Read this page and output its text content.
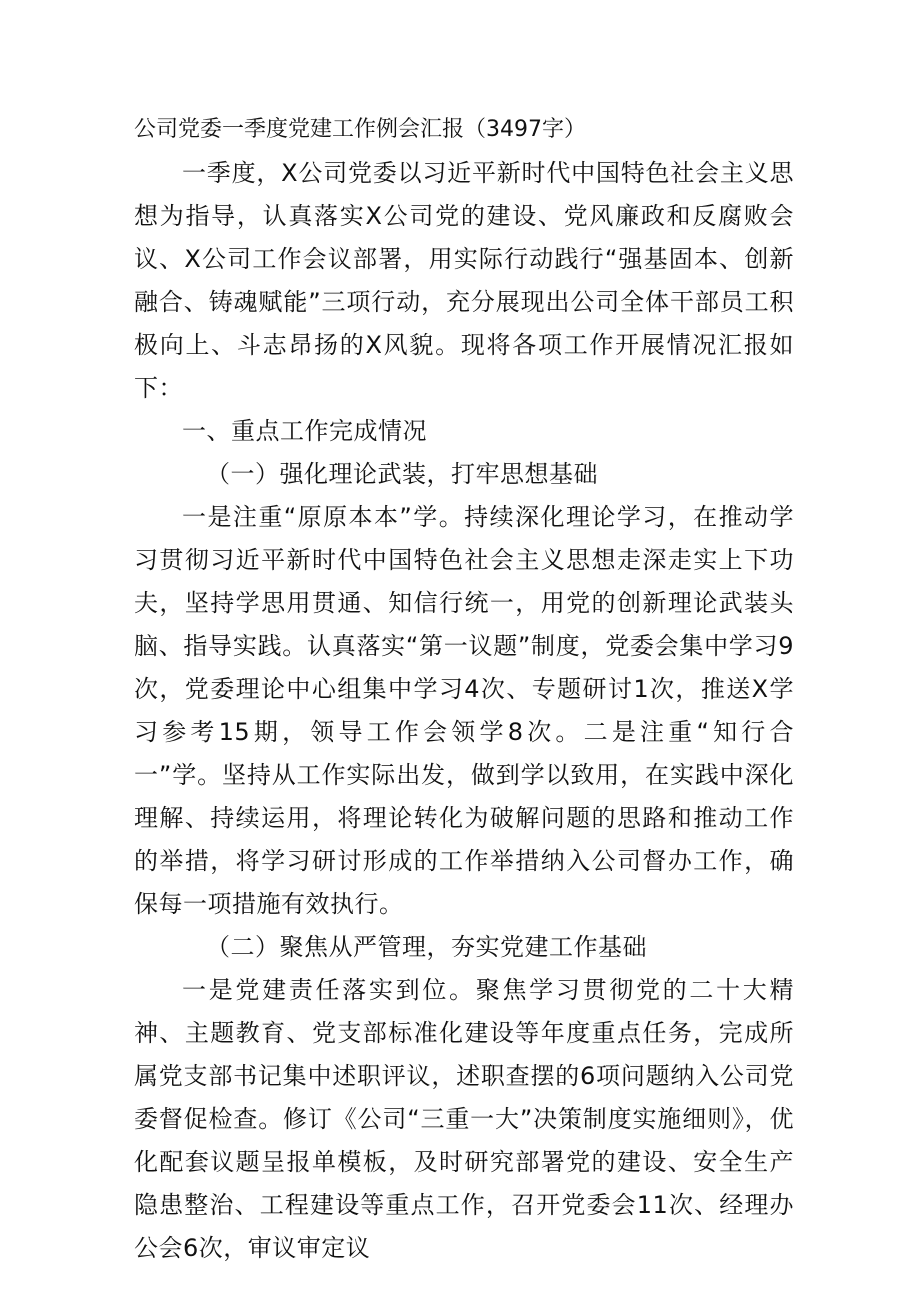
公司党委一季度党建工作例会汇报（3497字）

一季度，X公司党委以习近平新时代中国特色社会主义思想为指导，认真落实X公司党的建设、党风廉政和反腐败会议、X公司工作会议部署，用实际行动践行“强基固本、创新融合、铸魂赋能”三项行动，充分展现出公司全体干部员工积极向上、斗志昂扬的X风貌。现将各项工作开展情况汇报如下：

一、重点工作完成情况

（一）强化理论武装，打牢思想基础

一是注重“原原本本”学。持续深化理论学习，在推动学习贯彻习近平新时代中国特色社会主义思想走深走实上下功夫，坚持学思用贯通、知信行统一，用党的创新理论武装头脑、指导实践。认真落实“第一议题”制度，党委会集中学习9次，党委理论中心组集中学习4次、专题研讨1次，推送X学习参考15期，领导工作会领学8次。二是注重“知行合一”学。坚持从工作实际出发，做到学以致用，在实践中深化理解、持续运用，将理论转化为破解问题的思路和推动工作的举措，将学习研讨形成的工作举措纳入公司督办工作，确保每一项措施有效执行。

（二）聚焦从严管理，夯实党建工作基础

一是党建责任落实到位。聚焦学习贯彻党的二十大精神、主题教育、党支部标准化建设等年度重点任务，完成所属党支部书记集中述职评议，述职查摆的6项问题纳入公司党委督促检查。修订《公司“三重一大”决策制度实施细则》，优化配套议题呈报单模板，及时研究部署党的建设、安全生产隐患整治、工程建设等重点工作，召开党委会11次、经理办公会6次，审议审定议
